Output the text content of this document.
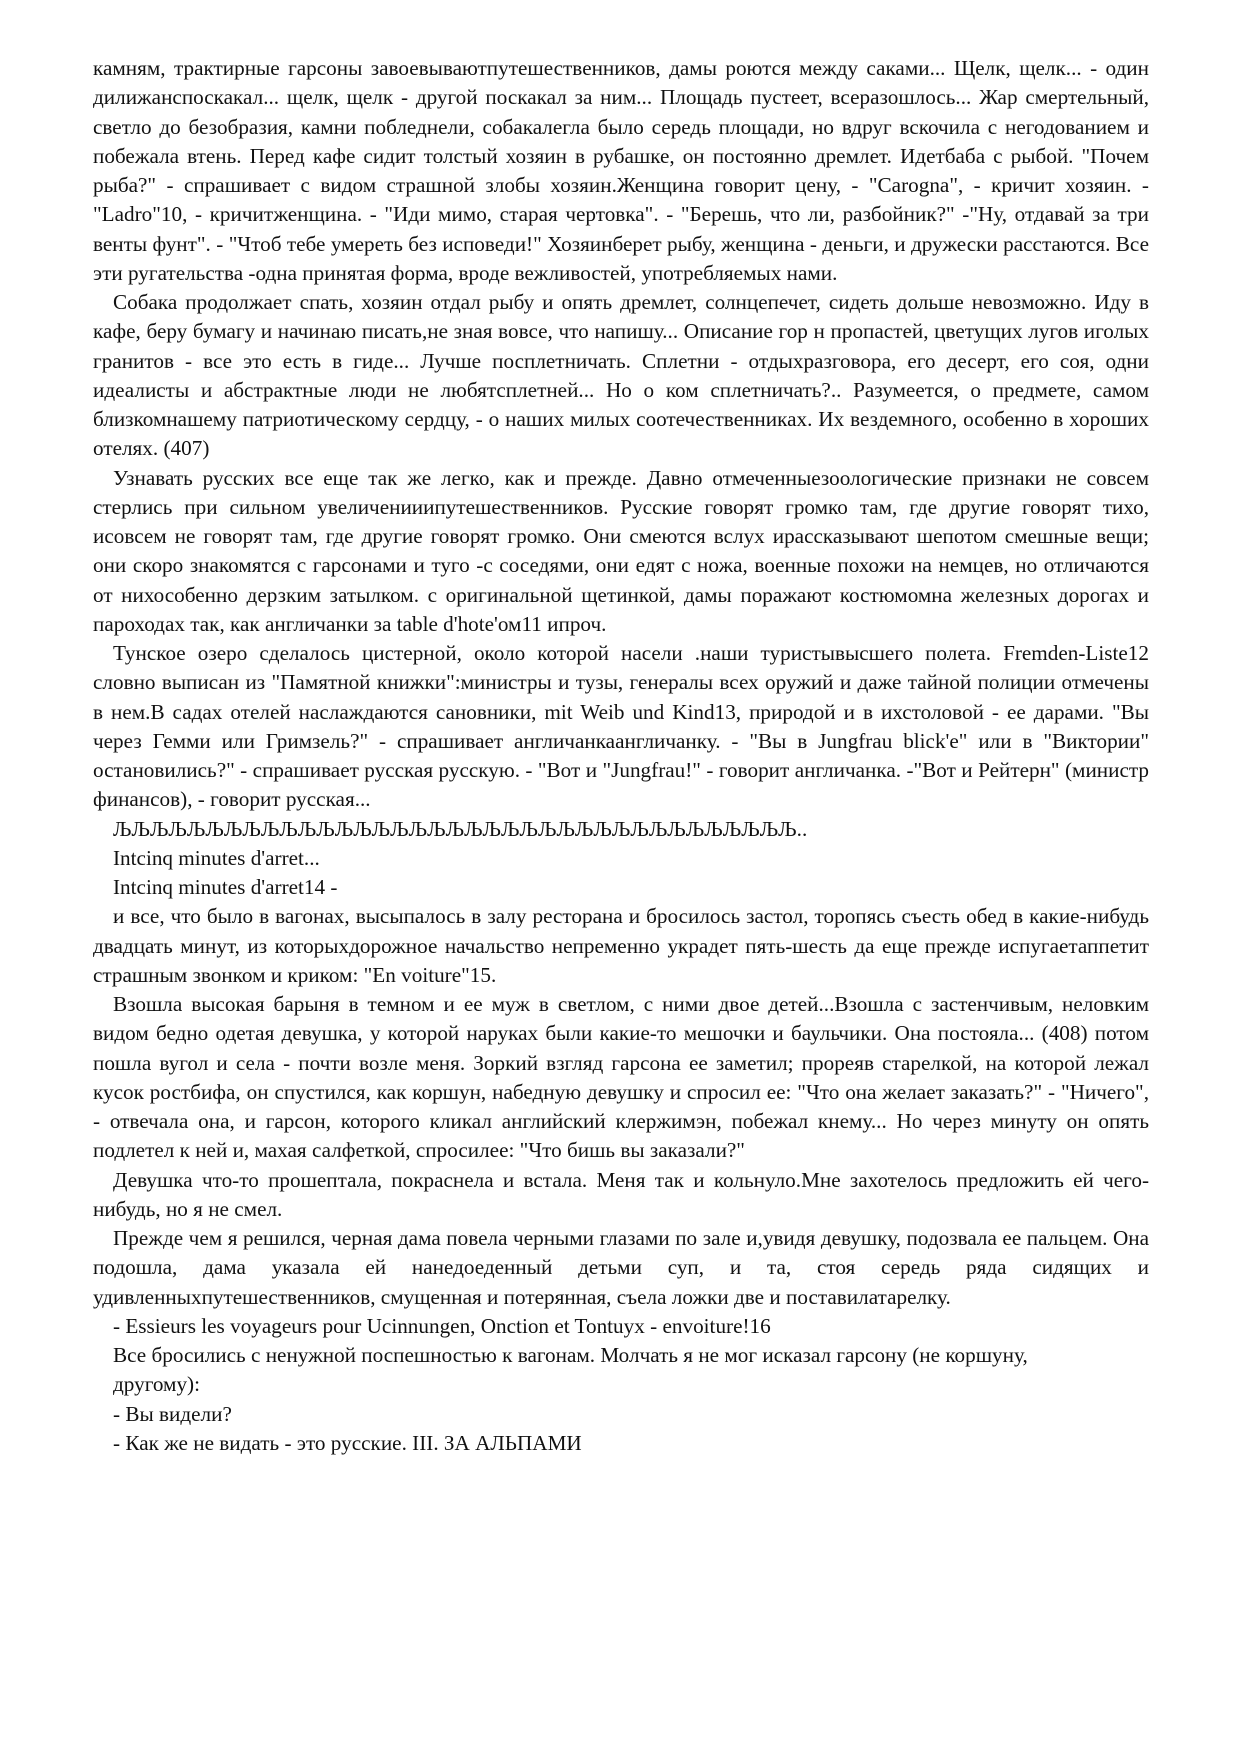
камням, трактирные гарсоны завоевываютпутешественников, дамы роются между саками... Щелк, щелк... - один дилижанспоскакал... щелк, щелк - другой поскакал за ним... Площадь пустеет, всеразошлось... Жар смертельный, светло до безобразия, камни побледнели, собакалегла было середь площади, но вдруг вскочила с негодованием и побежала втень. Перед кафе сидит толстый хозяин в рубашке, он постоянно дремлет. Идетбаба с рыбой. "Почем рыба?" - спрашивает с видом страшной злобы хозяин.Женщина говорит цену, - "Carogna", - кричит хозяин. - "Ladro"10, - кричитженщина. - "Иди мимо, старая чертовка". - "Берешь, что ли, разбойник?" -"Ну, отдавай за три венты фунт". - "Чтоб тебе умереть без исповеди!" Хозяинберет рыбу, женщина - деньги, и дружески расстаются. Все эти ругательства -одна принятая форма, вроде вежливостей, употребляемых нами.

Собака продолжает спать, хозяин отдал рыбу и опять дремлет, солнцепечет, сидеть дольше невозможно. Иду в кафе, беру бумагу и начинаю писать,не зная вовсе, что напишу... Описание гор н пропастей, цветущих лугов иголых гранитов - все это есть в гиде... Лучше посплетничать. Сплетни - отдыхразговора, его десерт, его соя, одни идеалисты и абстрактные люди не любятсплетней... Но о ком сплетничать?.. Разумеется, о предмете, самом близкомнашему патриотическому сердцу, - о наших милых соотечественниках. Их вездемного, особенно в хороших отелях. (407)

Узнавать русских все еще так же легко, как и прежде. Давно отмеченныезоологические признаки не совсем стерлись при сильном увеличенииипутешественников. Русские говорят громко там, где другие говорят тихо, исовсем не говорят там, где другие говорят громко. Они смеются вслух ирассказывают шепотом смешные вещи; они скоро знакомятся с гарсонами и туго -с соседями, они едят с ножа, военные похожи на немцев, но отличаются от нихособенно дерзким затылком. с оригинальной щетинкой, дамы поражают костюмомна железных дорогах и пароходах так, как англичанки за table d'hote'ом11 ипроч.

Тунское озеро сделалось цистерной, около которой насели .наши туристывысшего полета. Fremden-Liste12 словно выписан из "Памятной книжки":министры и тузы, генералы всех оружий и даже тайной полиции отмечены в нем.В садах отелей наслаждаются сановники, mit Weib und Kind13, природой и в ихстоловой - ее дарами. "Вы через Гемми или Гримзель?" - спрашивает англичанкаангличанку. - "Вы в Jungfrau blick'e" или в "Виктории" остановились?" - спрашивает русская русскую. - "Вот и "Jungfrau!" - говорит англичанка. -"Вот и Рейтерн" (министр финансов), - говорит русская...

ЉЉЉЉЉЉЉЉЉЉЉЉЉЉЉЉЉЉЉЉЉЉЉЉЉЉЉЉЉЉЉЉЉЉЉЉЉ..

Intcinq minutes d'arret...

Intcinq minutes d'arret14 -

и все, что было в вагонах, высыпалось в залу ресторана и бросилось застол, торопясь съесть обед в какие-нибудь двадцать минут, из которыхдорожное начальство непременно украдет пять-шесть да еще прежде испугаетаппетит страшным звонком и криком: "En voiture"15.

Взошла высокая барыня в темном и ее муж в светлом, с ними двое детей...Взошла с застенчивым, неловким видом бедно одетая девушка, у которой наруках были какие-то мешочки и баульчики. Она постояла... (408) потом пошла вугол и села - почти возле меня. Зоркий взгляд гарсона ее заметил; прореяв старелкой, на которой лежал кусок ростбифа, он спустился, как коршун, набедную девушку и спросил ее: "Что она желает заказать?" - "Ничего", - отвечала она, и гарсон, которого кликал английский клержимэн, побежал кнему... Но через минуту он опять подлетел к ней и, махая салфеткой, спросилее: "Что бишь вы заказали?"

Девушка что-то прошептала, покраснела и встала. Меня так и кольнуло.Мне захотелось предложить ей чего-нибудь, но я не смел.

Прежде чем я решился, черная дама повела черными глазами по зале и,увидя девушку, подозвала ее пальцем. Она подошла, дама указала ей нанедоеденный детьми суп, и та, стоя середь ряда сидящих и удивленныхпутешественников, смущенная и потерянная, съела ложки две и поставилатарелку.

- Essieurs les voyageurs pour Ucinnungen, Onction et Tontuyx - envoiture!16

Все бросились с ненужной поспешностью к вагонам. Молчать я не мог исказал гарсону (не коршуну,

другому):

- Вы видели?

- Как же не видать - это русские. III. ЗА АЛЬПАМИ
